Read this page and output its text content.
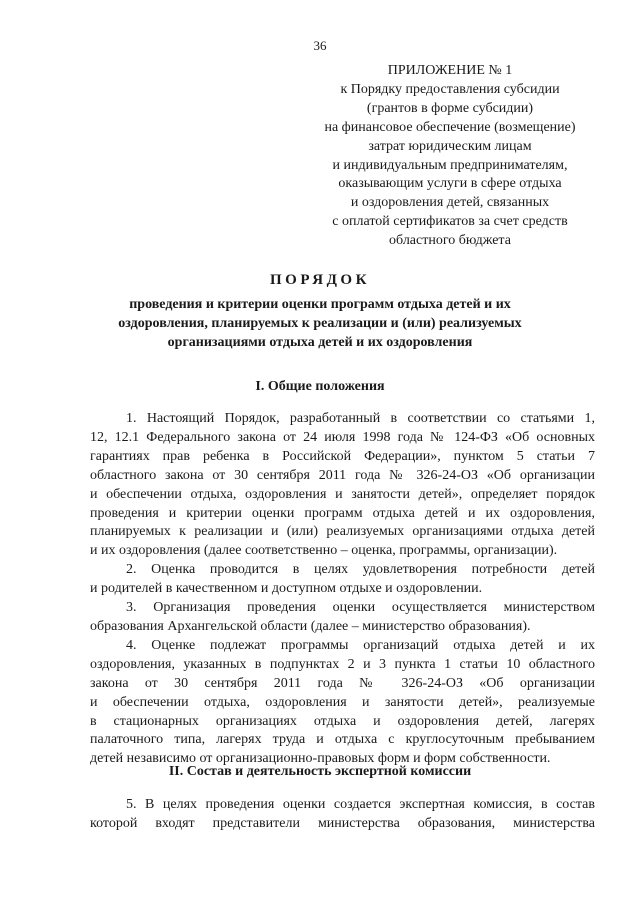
36
ПРИЛОЖЕНИЕ № 1
к Порядку предоставления субсидии
(грантов в форме субсидии)
на финансовое обеспечение (возмещение)
затрат юридическим лицам
и индивидуальным предпринимателям,
оказывающим услуги в сфере отдыха
и оздоровления детей, связанных
с оплатой сертификатов за счет средств
областного бюджета
ПОРЯДОК
проведения и критерии оценки программ отдыха детей и их
оздоровления, планируемых к реализации и (или) реализуемых
организациями отдыха детей и их оздоровления
I. Общие положения

1. Настоящий Порядок, разработанный в соответствии со статьями 1,
12, 12.1 Федерального закона от 24 июля 1998 года № 124-ФЗ «Об основных
гарантиях прав ребенка в Российской Федерации», пунктом 5 статьи 7
областного закона от 30 сентября 2011 года № 326-24-ОЗ «Об организации
и обеспечении отдыха, оздоровления и занятости детей», определяет порядок
проведения и критерии оценки программ отдыха детей и их оздоровления,
планируемых к реализации и (или) реализуемых организациями отдыха детей
и их оздоровления (далее соответственно – оценка, программы, организации).

2. Оценка проводится в целях удовлетворения потребности детей
и родителей в качественном и доступном отдыхе и оздоровлении.

3. Организация проведения оценки осуществляется министерством
образования Архангельской области (далее – министерство образования).

4. Оценке подлежат программы организаций отдыха детей и их
оздоровления, указанных в подпунктах 2 и 3 пункта 1 статьи 10 областного
закона от 30 сентября 2011 года № 326-24-ОЗ «Об организации
и обеспечении отдыха, оздоровления и занятости детей», реализуемые
в стационарных организациях отдыха и оздоровления детей, лагерях
палаточного типа, лагерях труда и отдыха с круглосуточным пребыванием
детей независимо от организационно-правовых форм и форм собственности.

II. Состав и деятельность экспертной комиссии

5. В целях проведения оценки создается экспертная комиссия, в состав
которой входят представители министерства образования, министерства
